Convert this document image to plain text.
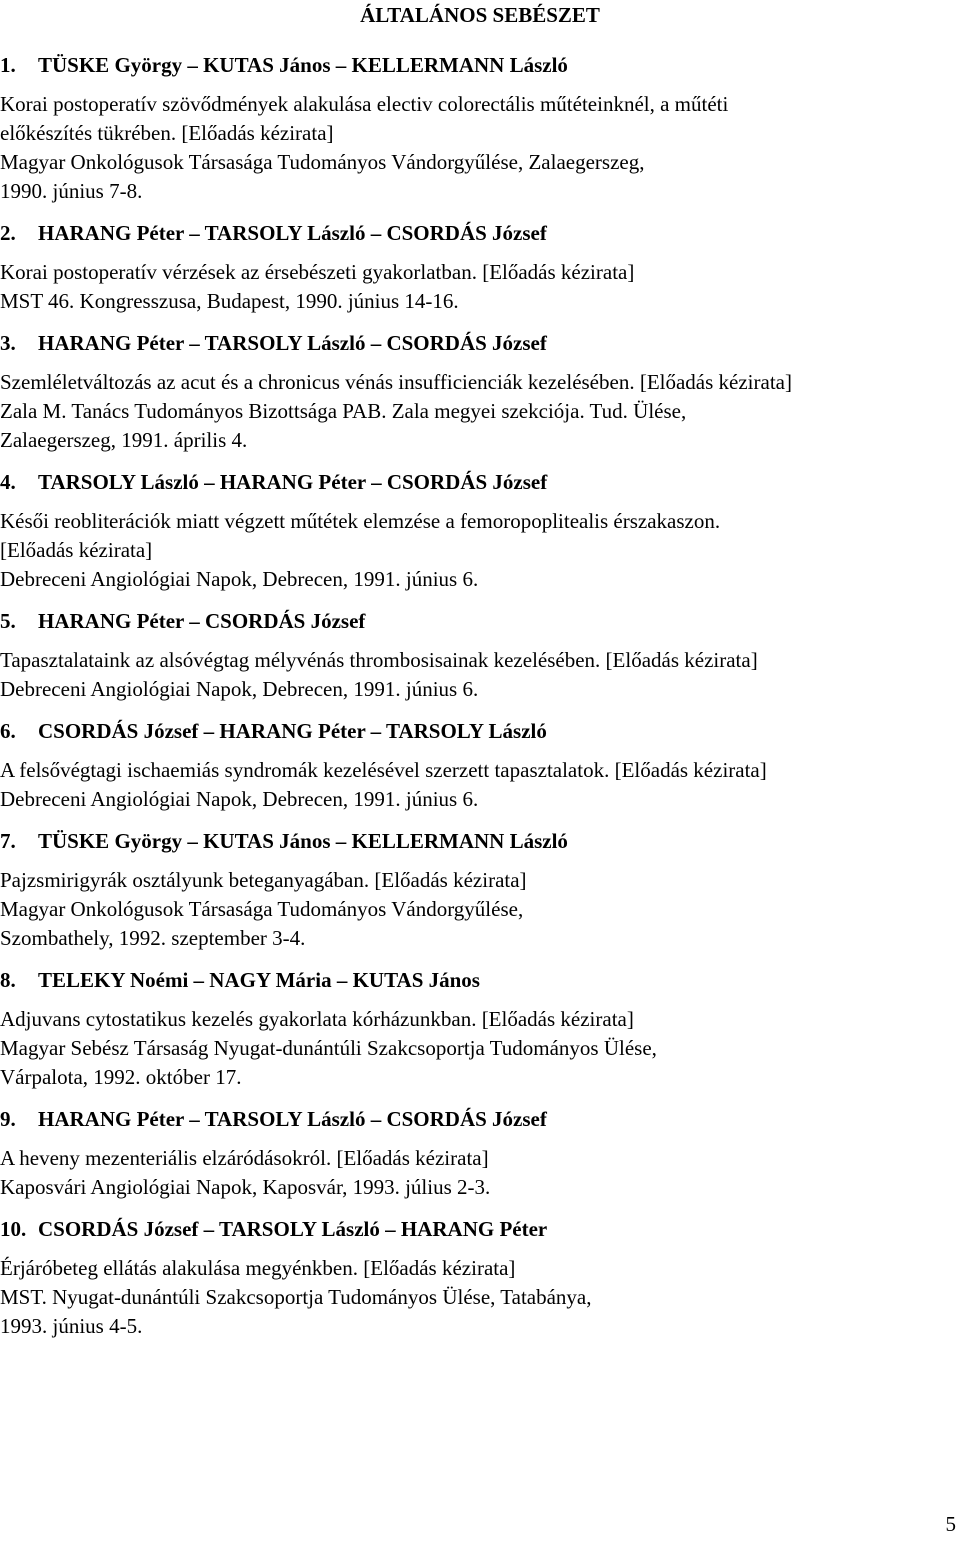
ÁLTALÁNOS SEBÉSZET
1. TÜSKE György – KUTAS János – KELLERMANN László
Korai postoperatív szövődmények alakulása electiv colorectális műtéteinknél, a műtéti
előkészítés tükrében. [Előadás kézirata]
Magyar Onkológusok Társasága Tudományos Vándorgyűlése, Zalaegerszeg,
1990. június 7-8.
2. HARANG Péter – TARSOLY László – CSORDÁS József
Korai postoperatív vérzések az érsebészeti gyakorlatban. [Előadás kézirata]
MST 46. Kongresszusa, Budapest, 1990. június 14-16.
3. HARANG Péter – TARSOLY László – CSORDÁS József
Szemléletváltozás az acut és a chronicus vénás insufficienciák kezelésében. [Előadás kézirata]
Zala M. Tanács Tudományos Bizottsága PAB. Zala megyei szekciója. Tud. Ülése,
Zalaegerszeg, 1991. április 4.
4. TARSOLY László – HARANG Péter – CSORDÁS József
Késői reobliterációk miatt végzett műtétek elemzése a femoropoplitealis érszakaszon.
[Előadás kézirata]
Debreceni Angiológiai Napok, Debrecen, 1991. június 6.
5. HARANG Péter – CSORDÁS József
Tapasztalataink az alsóvégtag mélyvénás thrombosisainak kezelésében. [Előadás kézirata]
Debreceni Angiológiai Napok, Debrecen, 1991. június 6.
6. CSORDÁS József – HARANG Péter – TARSOLY László
A felsővégtagi ischaemiás syndromák kezelésével szerzett tapasztalatok. [Előadás kézirata]
Debreceni Angiológiai Napok, Debrecen, 1991. június 6.
7. TÜSKE György – KUTAS János – KELLERMANN László
Pajzsmirigyrák osztályunk beteganyagában. [Előadás kézirata]
Magyar Onkológusok Társasága Tudományos Vándorgyűlése,
Szombathely, 1992. szeptember 3-4.
8. TELEKY Noémi – NAGY Mária – KUTAS János
Adjuvans cytostatikus kezelés gyakorlata kórházunkban. [Előadás kézirata]
Magyar Sebész Társaság Nyugat-dunántúli Szakcsoportja Tudományos Ülése,
Várpalota, 1992. október 17.
9. HARANG Péter – TARSOLY László – CSORDÁS József
A heveny mezenteriális elzáródásokról. [Előadás kézirata]
Kaposvári Angiológiai Napok, Kaposvár, 1993. július 2-3.
10. CSORDÁS József – TARSOLY László – HARANG Péter
Érjáróbeteg ellátás alakulása megyénkben. [Előadás kézirata]
MST. Nyugat-dunántúli Szakcsoportja Tudományos Ülése, Tatabánya,
1993. június 4-5.
5
